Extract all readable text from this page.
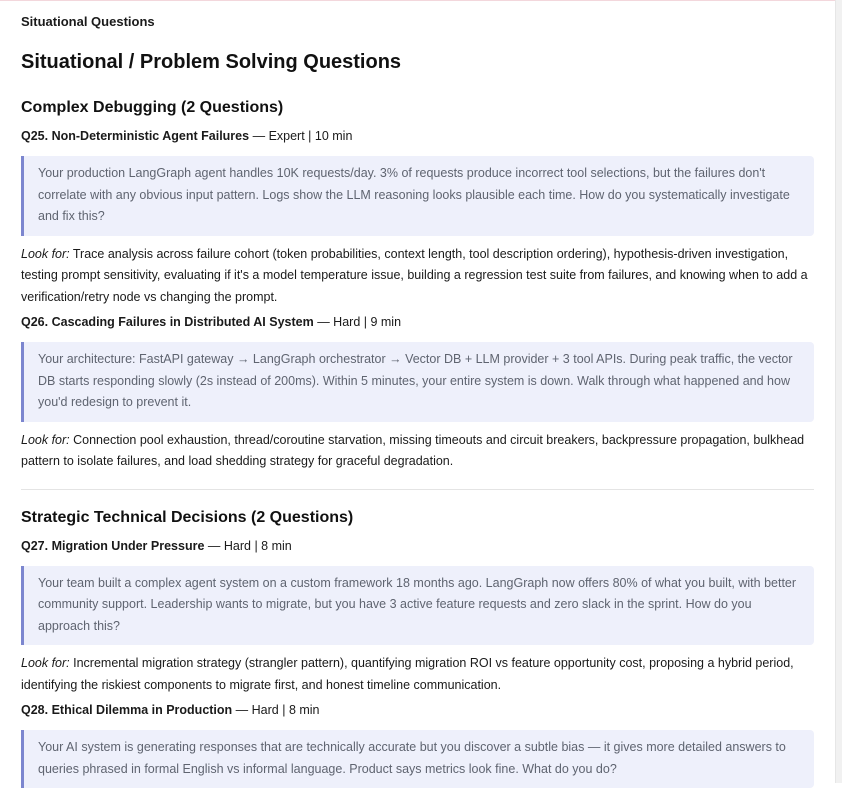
Situational Questions
Situational / Problem Solving Questions
Complex Debugging (2 Questions)
Q25. Non-Deterministic Agent Failures — Expert | 10 min
Your production LangGraph agent handles 10K requests/day. 3% of requests produce incorrect tool selections, but the failures don't correlate with any obvious input pattern. Logs show the LLM reasoning looks plausible each time. How do you systematically investigate and fix this?
Look for: Trace analysis across failure cohort (token probabilities, context length, tool description ordering), hypothesis-driven investigation, testing prompt sensitivity, evaluating if it's a model temperature issue, building a regression test suite from failures, and knowing when to add a verification/retry node vs changing the prompt.
Q26. Cascading Failures in Distributed AI System — Hard | 9 min
Your architecture: FastAPI gateway → LangGraph orchestrator → Vector DB + LLM provider + 3 tool APIs. During peak traffic, the vector DB starts responding slowly (2s instead of 200ms). Within 5 minutes, your entire system is down. Walk through what happened and how you'd redesign to prevent it.
Look for: Connection pool exhaustion, thread/coroutine starvation, missing timeouts and circuit breakers, backpressure propagation, bulkhead pattern to isolate failures, and load shedding strategy for graceful degradation.
Strategic Technical Decisions (2 Questions)
Q27. Migration Under Pressure — Hard | 8 min
Your team built a complex agent system on a custom framework 18 months ago. LangGraph now offers 80% of what you built, with better community support. Leadership wants to migrate, but you have 3 active feature requests and zero slack in the sprint. How do you approach this?
Look for: Incremental migration strategy (strangler pattern), quantifying migration ROI vs feature opportunity cost, proposing a hybrid period, identifying the riskiest components to migrate first, and honest timeline communication.
Q28. Ethical Dilemma in Production — Hard | 8 min
Your AI system is generating responses that are technically accurate but you discover a subtle bias — it gives more detailed answers to queries phrased in formal English vs informal language. Product says metrics look fine. What do you do?
